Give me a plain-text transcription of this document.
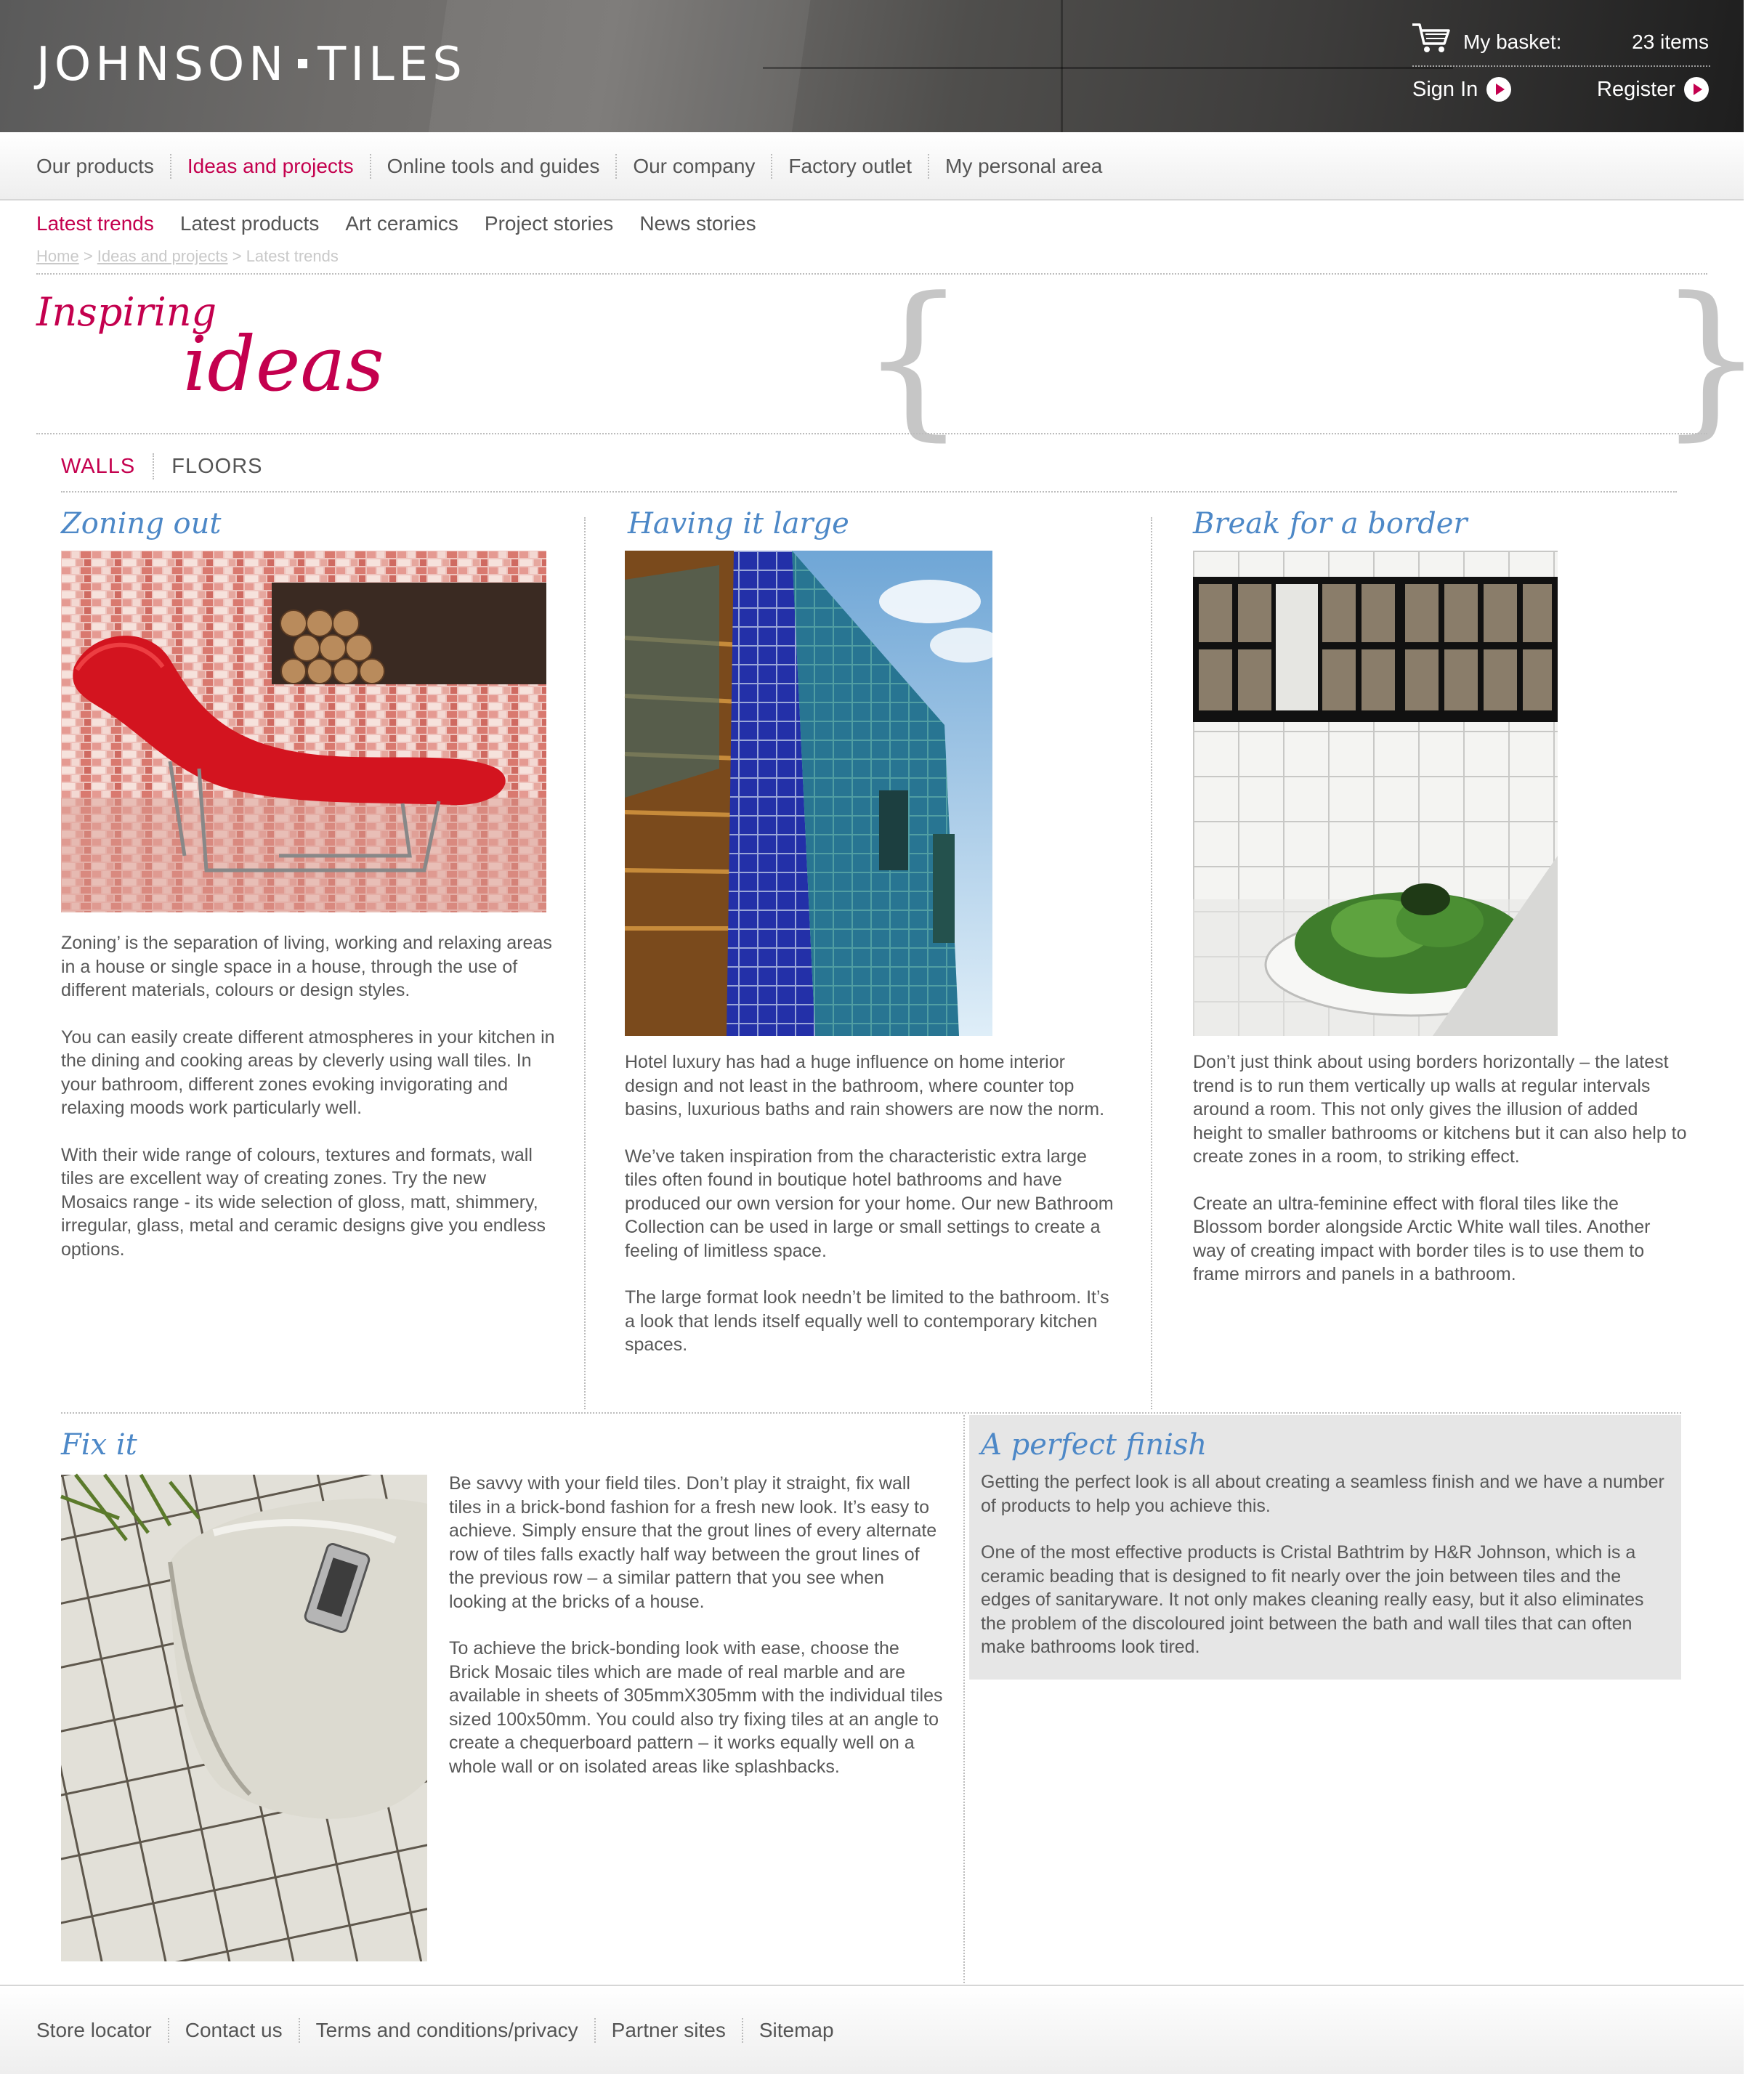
JOHNSON TILES	My basket:	23 items
Sign In	Register
Our products	Ideas and projects	Online tools and guides	Our company	Factory outlet	My personal area
Latest trends Latest products Art ceramics Project stories News stories
Home > Ideas and projects > Latest trends
Inspiring
ideas	{	}
WALLS FLOORS
Zoning out

Zoning’ is the separation of living, working and relaxing areas in a house or single space in a house, through the use of different materials, colours or design styles.

You can easily create different atmospheres in your kitchen in the dining and cooking areas by cleverly using wall tiles. In your bathroom, different zones evoking invigorating and relaxing moods work particularly well.

With their wide range of colours, textures and formats, wall tiles are excellent way of creating zones. Try the new Mosaics range - its wide selection of gloss, matt, shimmery, irregular, glass, metal and ceramic designs give you endless options.

Having it large

Hotel luxury has had a huge influence on home interior design and not least in the bathroom, where counter top basins, luxurious baths and rain showers are now the norm.

We’ve taken inspiration from the characteristic extra large tiles often found in boutique hotel bathrooms and have produced our own version for your home. Our new Bathroom Collection can be used in large or small settings to create a feeling of limitless space.

The large format look needn’t be limited to the bathroom. It’s a look that lends itself equally well to contemporary kitchen spaces.

Break for a border

Don’t just think about using borders horizontally – the latest trend is to run them vertically up walls at regular intervals around a room. This not only gives the illusion of added height to smaller bathrooms or kitchens but it can also help to create zones in a room, to striking effect.

Create an ultra-feminine effect with floral tiles like the Blossom border alongside Arctic White wall tiles. Another way of creating impact with border tiles is to use them to frame mirrors and panels in a bathroom.

Fix it

Be savvy with your field tiles. Don’t play it straight, fix wall tiles in a brick-bond fashion for a fresh new look. It’s easy to achieve. Simply ensure that the grout lines of every alternate row of tiles falls exactly half way between the grout lines of the previous row – a similar pattern that you see when looking at the bricks of a house.

To achieve the brick-bonding look with ease, choose the Brick Mosaic tiles which are made of real marble and are available in sheets of 305mmX305mm with the individual tiles sized 100x50mm. You could also try fixing tiles at an angle to create a chequerboard pattern – it works equally well on a whole wall or on isolated areas like splashbacks.

A perfect finish

Getting the perfect look is all about creating a seamless finish and we have a number of products to help you achieve this.

One of the most effective products is Cristal Bathtrim by H&R Johnson, which is a ceramic beading that is designed to fit nearly over the join between tiles and the edges of sanitaryware. It not only makes cleaning really easy, but it also eliminates the problem of the discoloured joint between the bath and wall tiles that can often make bathrooms look tired.

Store locator	Contact us	Terms and conditions/privacy	Partner sites	Sitemap
